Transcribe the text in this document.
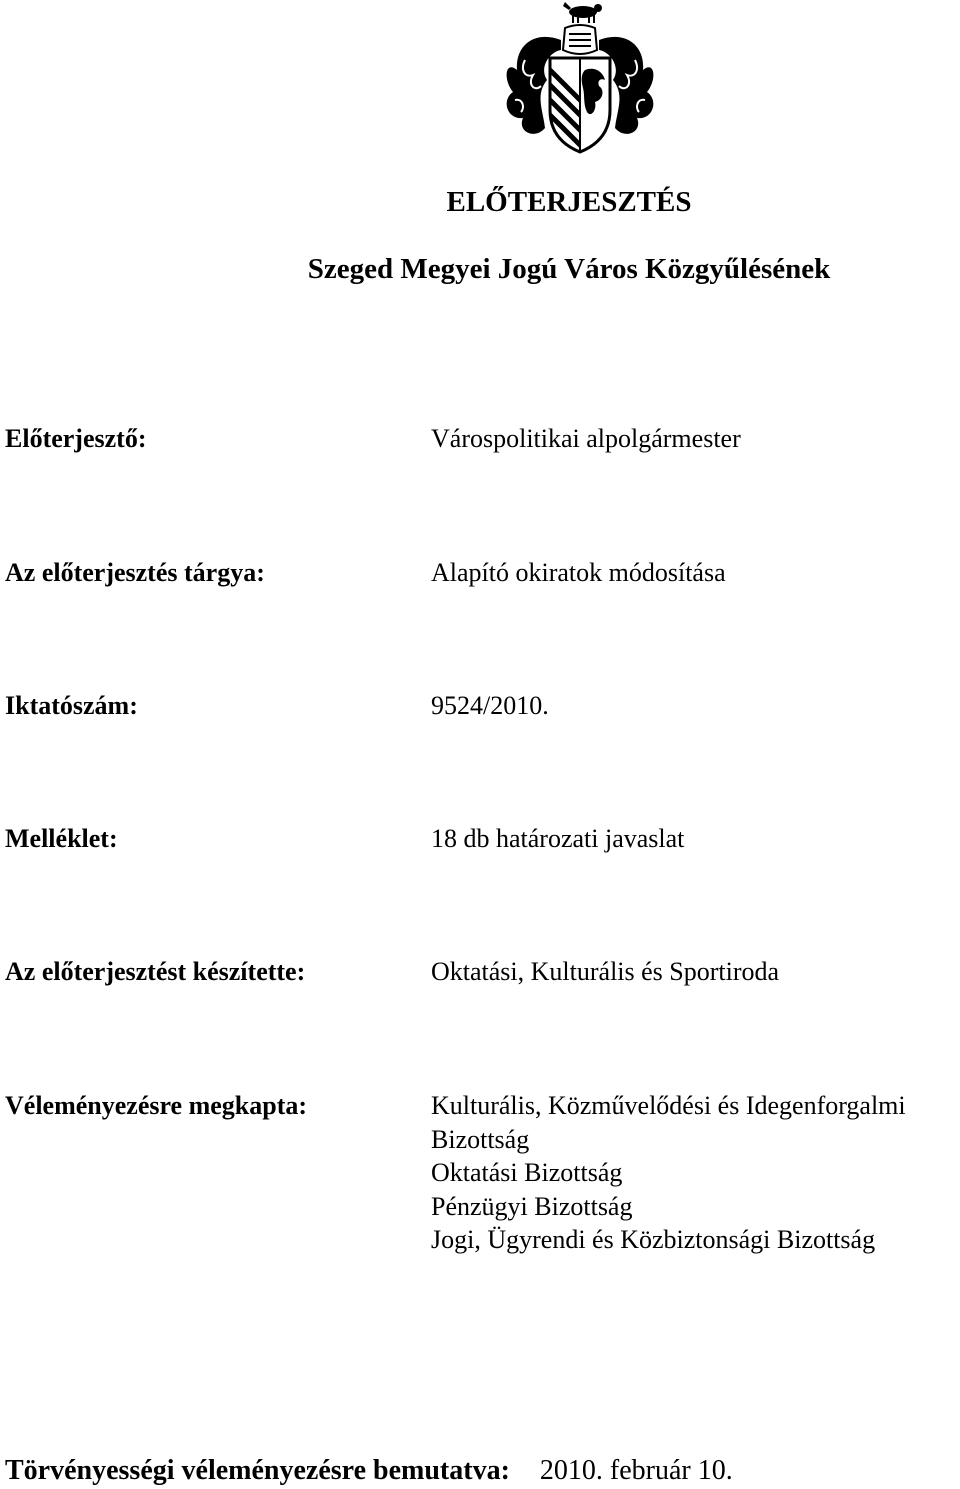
ELŐTERJESZTÉS
Szeged Megyei Jogú Város Közgyűlésének
Előterjesztő:	Várospolitikai alpolgármester
Az előterjesztés tárgya:	Alapító okiratok módosítása
Iktatószám:	9524/2010.
Melléklet:	18 db határozati javaslat
Az előterjesztést készítette:	Oktatási, Kulturális és Sportiroda
Véleményezésre megkapta:	Kulturális, Közművelődési és Idegenforgalmi
Bizottság
Oktatási Bizottság
Pénzügyi Bizottság
Jogi, Ügyrendi és Közbiztonsági Bizottság
Törvényességi véleményezésre bemutatva: 2010. február 10.
